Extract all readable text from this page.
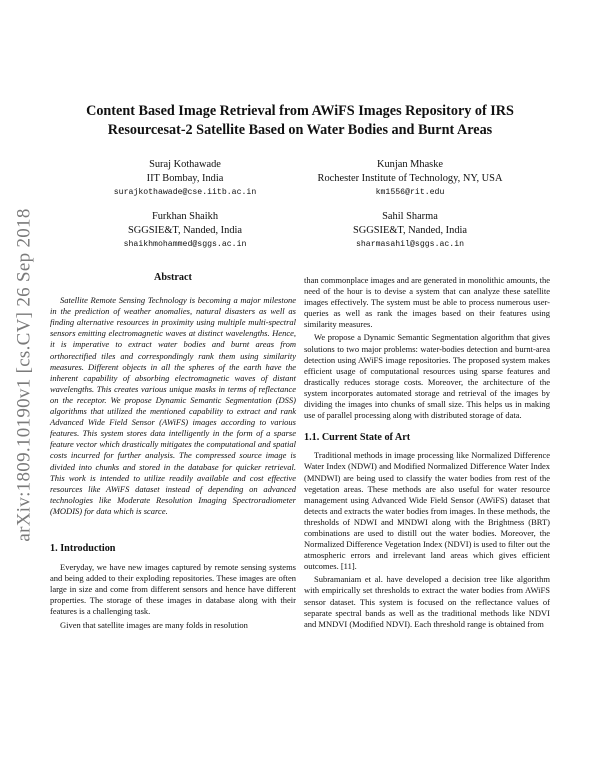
arXiv:1809.10190v1 [cs.CV] 26 Sep 2018
Content Based Image Retrieval from AWiFS Images Repository of IRS
Resourcesat-2 Satellite Based on Water Bodies and Burnt Areas
Suraj Kothawade
IIT Bombay, India
surajkothawade@cse.iitb.ac.in
Kunjan Mhaske
Rochester Institute of Technology, NY, USA
km1556@rit.edu
Furkhan Shaikh
SGGSIE&T, Nanded, India
shaikhmohammed@sggs.ac.in
Sahil Sharma
SGGSIE&T, Nanded, India
sharmasahil@sggs.ac.in
Abstract

Satellite Remote Sensing Technology is becoming a major milestone in the prediction of weather anomalies, natural disasters as well as finding alternative resources in proximity using multiple multi-spectral sensors emitting electromagnetic waves at distinct wavelengths. Hence, it is imperative to extract water bodies and burnt areas from orthorectified tiles and correspondingly rank them using similarity measures. Different objects in all the spheres of the earth have the inherent capability of absorbing electromagnetic waves of distant wavelengths. This creates various unique masks in terms of reflectance on the receptor. We propose Dynamic Semantic Segmentation (DSS) algorithms that utilized the mentioned capability to extract and rank Advanced Wide Field Sensor (AWiFS) images according to various features. This system stores data intelligently in the form of a sparse feature vector which drastically mitigates the computational and spatial costs incurred for further analysis. The compressed source image is divided into chunks and stored in the database for quicker retrieval. This work is intended to utilize readily available and cost effective resources like AWiFS dataset instead of depending on advanced technologies like Moderate Resolution Imaging Spectroradiometer (MODIS) for data which is scarce.

1. Introduction

Everyday, we have new images captured by remote sensing systems and being added to their exploding repositories. These images are often large in size and come from different sensors and hence have different properties. The storage of these images in database along with their features is a challenging task.

Given that satellite images are many folds in resolution

than commonplace images and are generated in monolithic amounts, the need of the hour is to devise a system that can analyze these satellite images effectively. The system must be able to process numerous user-queries as well as rank the images based on their features using similarity measures.

We propose a Dynamic Semantic Segmentation algorithm that gives solutions to two major problems: water-bodies detection and burnt-area detection using AWiFS image repositories. The proposed system makes efficient usage of computational resources using sparse features and drastically reduces storage costs. Moreover, the architecture of the system incorporates automated storage and retrieval of the images by dividing the images into chunks of small size. This helps us in making use of parallel processing along with distributed storage of data.

1.1. Current State of Art

Traditional methods in image processing like Normalized Difference Water Index (NDWI) and Modified Normalized Difference Water Index (MNDWI) are being used to classify the water bodies from rest of the vegetation areas. These methods are also useful for water resource management using Advanced Wide Field Sensor (AWiFS) dataset that detects and extracts the water bodies from images. In these methods, the thresholds of NDWI and MNDWI along with the Brightness (BRT) combinations are used to distill out the water bodies. Moreover, the Normalized Difference Vegetation Index (NDVI) is used to filter out the atmospheric errors and irrelevant land areas which gives efficient outcomes. [11].

Subramaniam et al. have developed a decision tree like algorithm with empirically set thresholds to extract the water bodies from AWiFS sensor dataset. This system is focused on the reflectance values of separate spectral bands as well as the traditional methods like NDVI and MNDVI (Modified NDVI). Each threshold range is obtained from
